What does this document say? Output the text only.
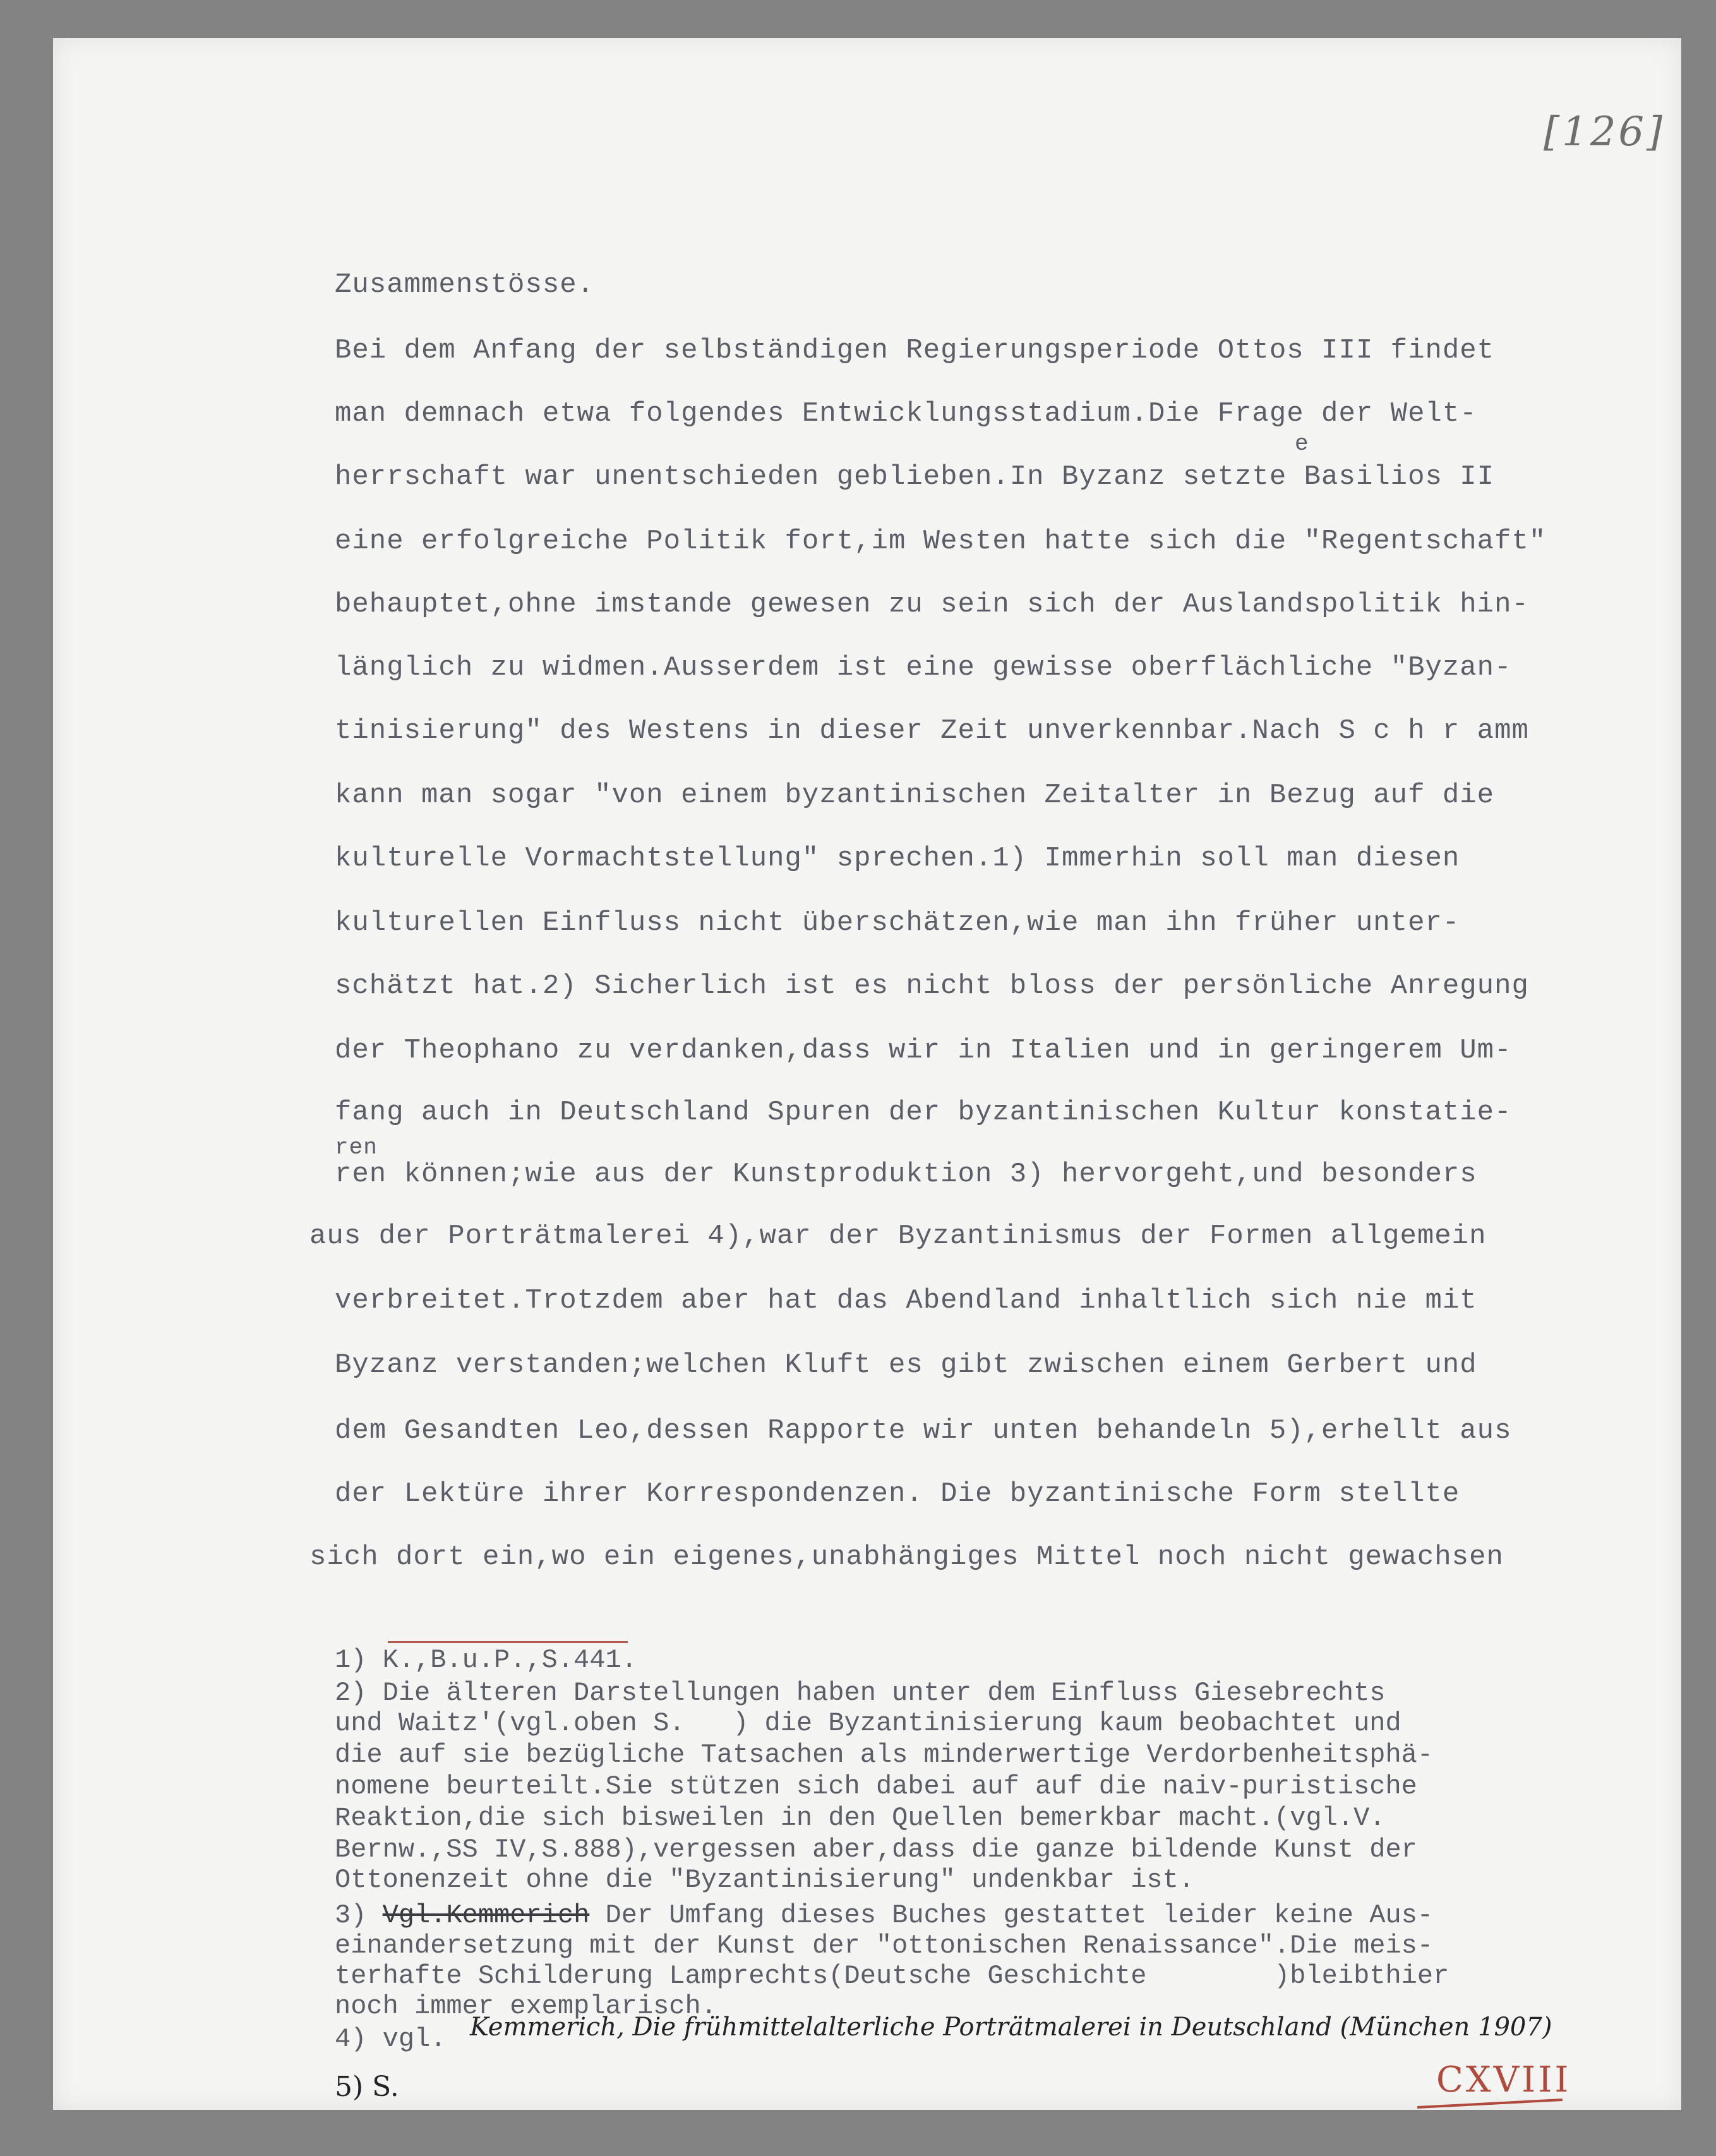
[126]
Zusammenstösse.
Bei dem Anfang der selbständigen Regierungsperiode Ottos III findet
man demnach etwa folgendes Entwicklungsstadium.Die Frage der Welt-
e
herrschaft war unentschieden geblieben.In Byzanz setzte Basilios II
eine erfolgreiche Politik fort,im Westen hatte sich die "Regentschaft"
behauptet,ohne imstande gewesen zu sein sich der Auslandspolitik hin-
länglich zu widmen.Ausserdem ist eine gewisse oberflächliche "Byzan-
tinisierung" des Westens in dieser Zeit unverkennbar.Nach S c h r amm
kann man sogar "von einem byzantinischen Zeitalter in Bezug auf die
kulturelle Vormachtstellung" sprechen.1) Immerhin soll man diesen
kulturellen Einfluss nicht überschätzen,wie man ihn früher unter-
schätzt hat.2) Sicherlich ist es nicht bloss der persönliche Anregung
der Theophano zu verdanken,dass wir in Italien und in geringerem Um-
fang auch in Deutschland Spuren der byzantinischen Kultur konstatie-
ren
ren können;wie aus der Kunstproduktion 3) hervorgeht,und besonders
aus der Porträtmalerei 4),war der Byzantinismus der Formen allgemein
verbreitet.Trotzdem aber hat das Abendland inhaltlich sich nie mit
Byzanz verstanden;welchen Kluft es gibt zwischen einem Gerbert und
dem Gesandten Leo,dessen Rapporte wir unten behandeln 5),erhellt aus
der Lektüre ihrer Korrespondenzen. Die byzantinische Form stellte
sich dort ein,wo ein eigenes,unabhängiges Mittel noch nicht gewachsen
1) K.,B.u.P.,S.441.
2) Die älteren Darstellungen haben unter dem Einfluss Giesebrechts
und Waitz'(vgl.oben S.   ) die Byzantinisierung kaum beobachtet und
die auf sie bezügliche Tatsachen als minderwertige Verdorbenheitsphä-
nomene beurteilt.Sie stützen sich dabei auf auf die naiv-puristische
Reaktion,die sich bisweilen in den Quellen bemerkbar macht.(vgl.V.
Bernw.,SS IV,S.888),vergessen aber,dass die ganze bildende Kunst der
Ottonenzeit ohne die "Byzantinisierung" undenkbar ist.
3) Vgl.Kemmerich Der Umfang dieses Buches gestattet leider keine Aus-
einandersetzung mit der Kunst der "ottonischen Renaissance".Die meis-
terhafte Schilderung Lamprechts(Deutsche Geschichte        )bleibthier
noch immer exemplarisch.
4) vgl. Kemmerich, Die frühmittelalterliche Porträtmalerei in Deutschland (München 1907)
5) S.	CXVIII
